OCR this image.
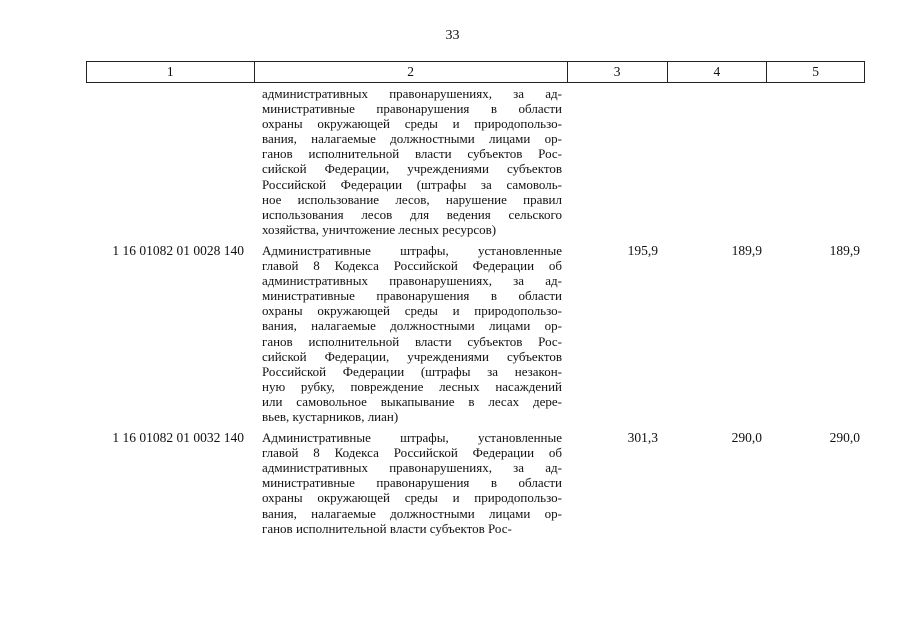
33
1	2	3	4	5
административных правонарушениях, за ад-
министративные правонарушения в области
охраны окружающей среды и природопользо-
вания, налагаемые должностными лицами ор-
ганов исполнительной власти субъектов Рос-
сийской Федерации, учреждениями субъектов
Российской Федерации (штрафы за самоволь-
ное использование лесов, нарушение правил
использования лесов для ведения сельского
хозяйства, уничтожение лесных ресурсов)
1 16 01082 01 0028 140	Административные штрафы, установленные
главой 8 Кодекса Российской Федерации об
административных правонарушениях, за ад-
министративные правонарушения в области
охраны окружающей среды и природопользо-
вания, налагаемые должностными лицами ор-
ганов исполнительной власти субъектов Рос-
сийской Федерации, учреждениями субъектов
Российской Федерации (штрафы за незакон-
ную рубку, повреждение лесных насаждений
или самовольное выкапывание в лесах дере-
вьев, кустарников, лиан)
195,9	189,9	189,9
1 16 01082 01 0032 140	Административные штрафы, установленные
главой 8 Кодекса Российской Федерации об
административных правонарушениях, за ад-
министративные правонарушения в области
охраны окружающей среды и природопользо-
вания, налагаемые должностными лицами ор-
ганов исполнительной власти субъектов Рос-
301,3	290,0	290,0
